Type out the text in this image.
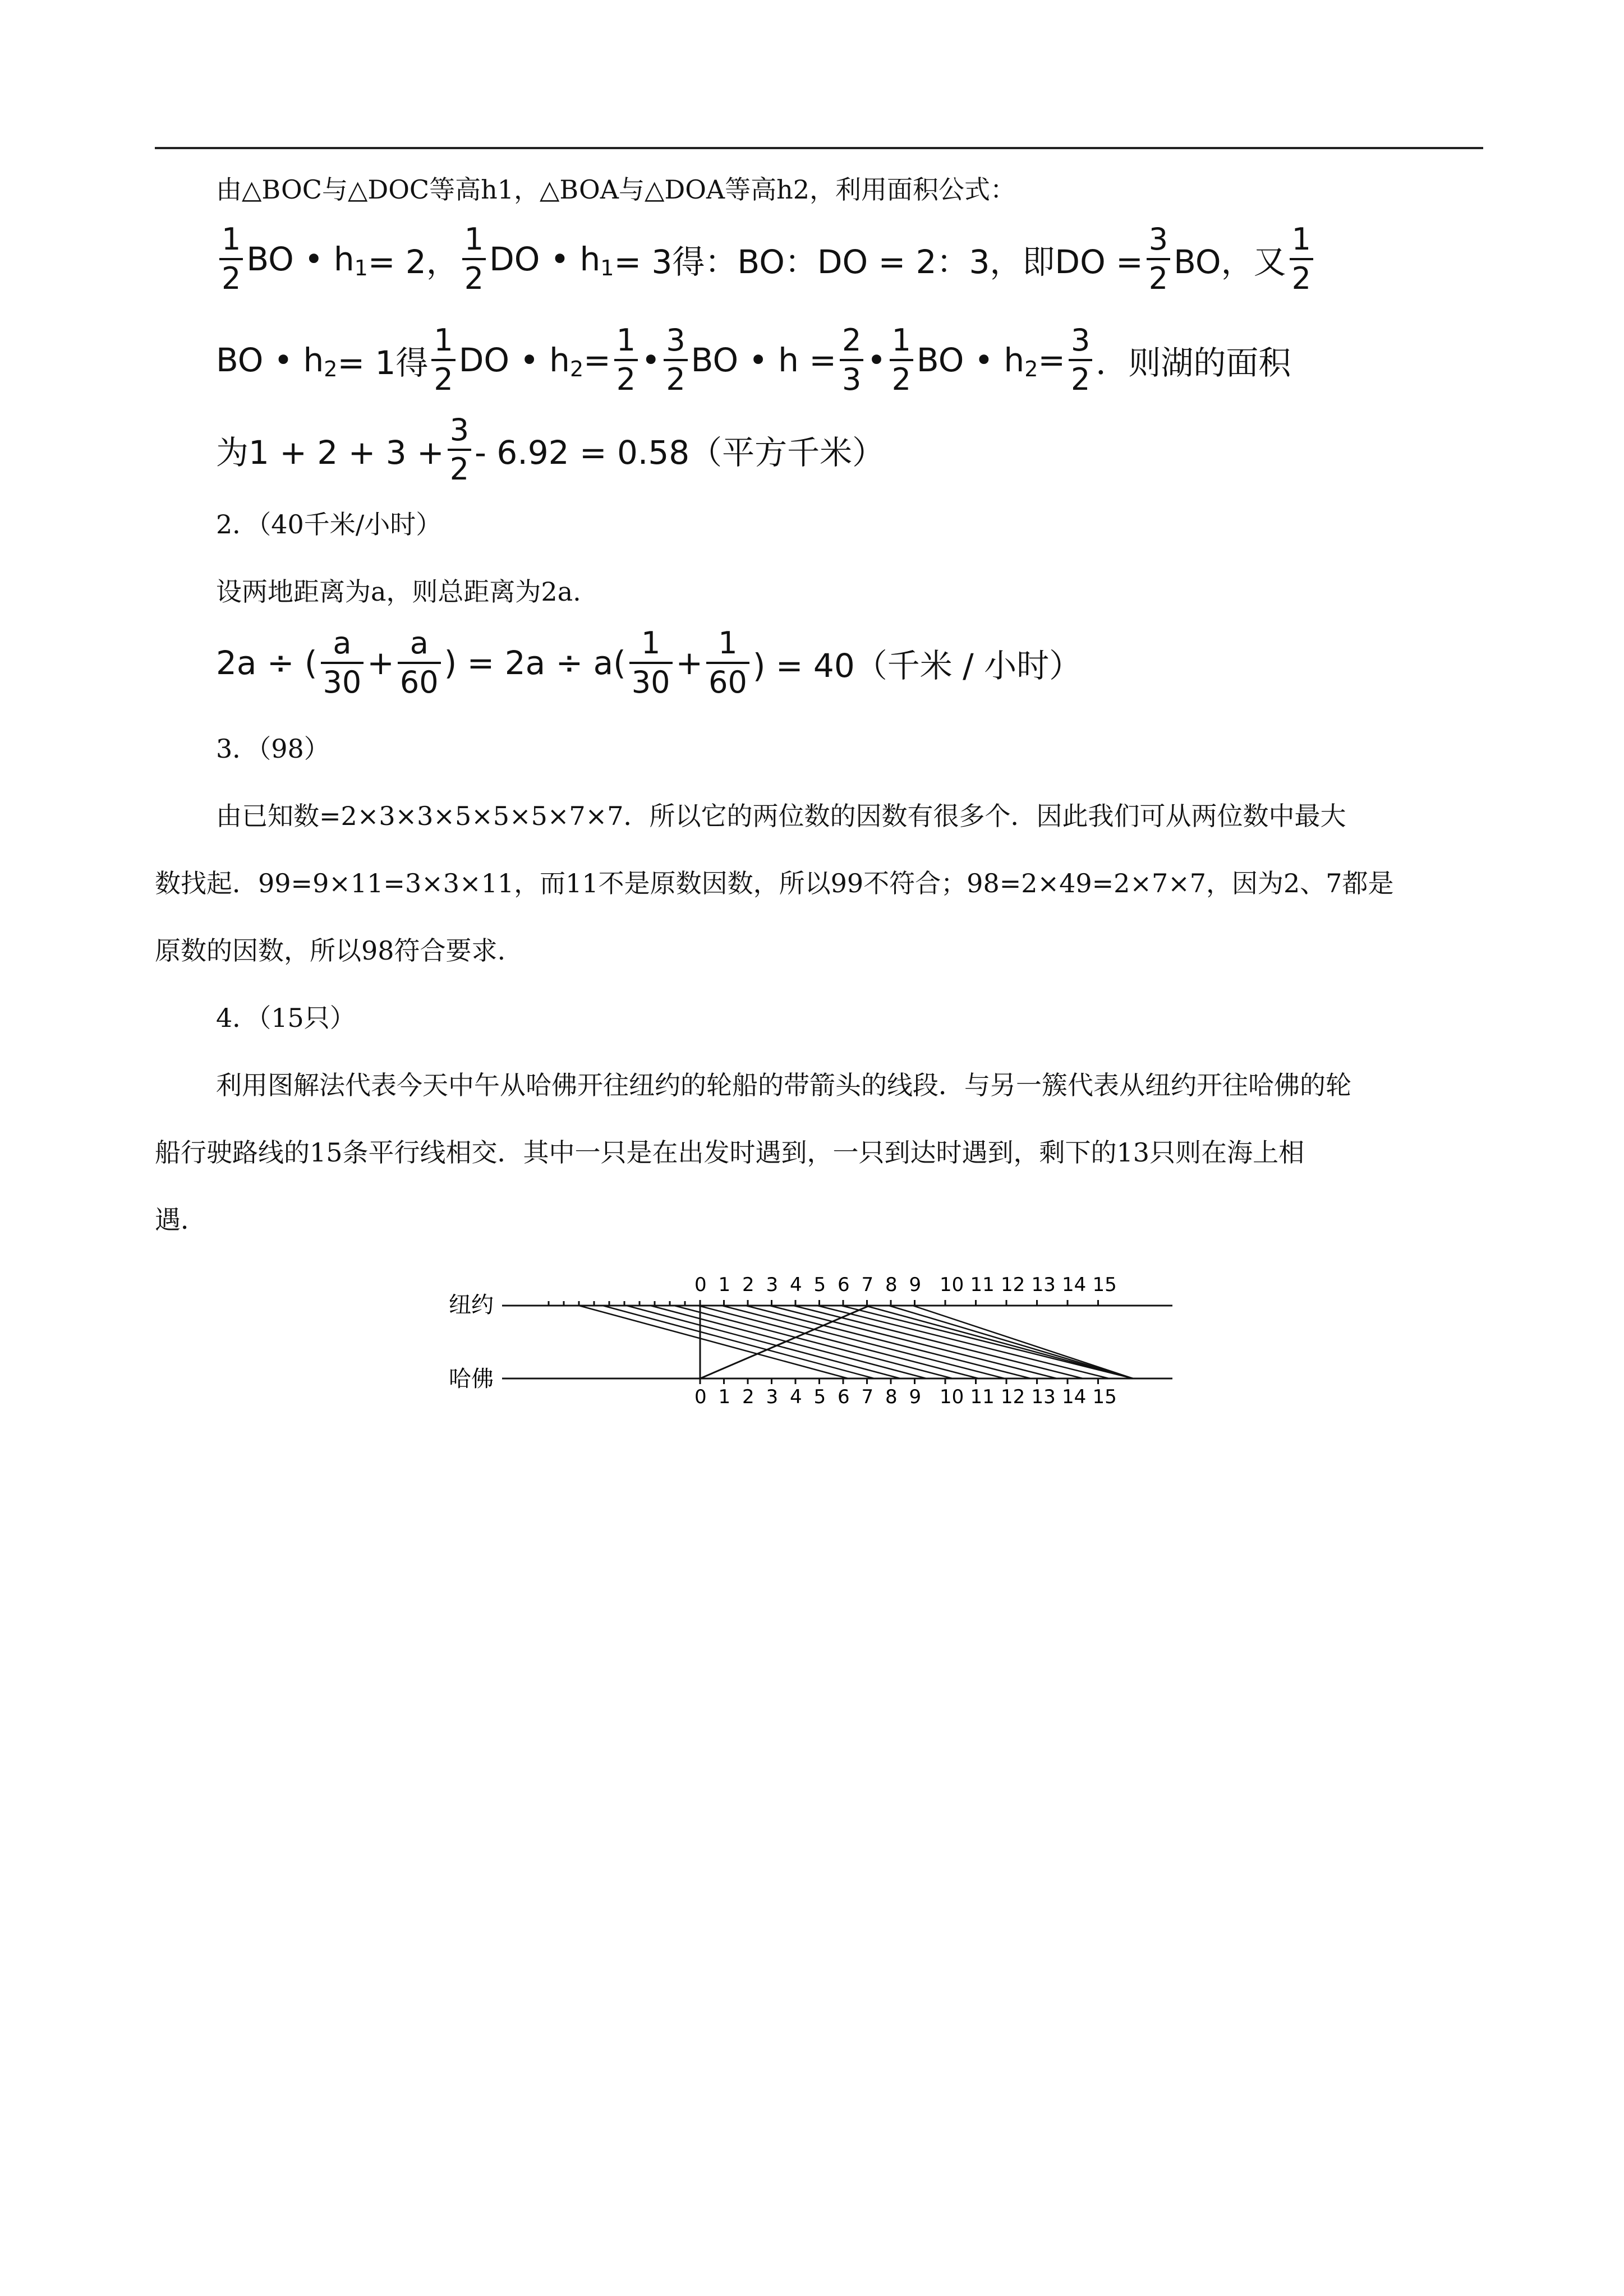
由△BOC与△DOC等高h1，△BOA与△DOA等高h2，利用面积公式：
$\frac{1}{2}$ BO • h 1 = 2， $\frac{1}{2}$ DO • h 1 = 3得：BO：DO = 2：3，即DO = $\frac{3}{2}$ BO，又 $\frac{1}{2}$
BO • h 2 = 1得 $\frac{1}{2}$ DO • h $2 = \frac{1}{2}$ • $\frac{3}{2}$ BO • $h = \frac{2}{3}$ • $\frac{1}{2}$ BO • h $2 = \frac{3}{2}$ ．则湖的面积
为$1 + 2 + 3 + \frac{3}{2} - 6.92 = 0.58$（平方千米）
2．（40千米/小时）
设两地距离为a，则总距离为2a.
2a ÷ ( $\frac{a}{30} + \frac{a}{60}$ ) = $2a \div a( \frac{1}{30} + \frac{1}{60}$ ) = 40（千米 / 小时）
3．（98）
由已知数=2×3×3×5×5×5×7×7．所以它的两位数的因数有很多个．因此我们可从两位数中最大
数找起．99=9×11=3×3×11，而11不是原数因数，所以99不符合；98=2×49=2×7×7，因为2、7都是
原数的因数，所以98符合要求.
4．（15只）
利用图解法代表今天中午从哈佛开往纽约的轮船的带箭头的线段．与另一簇代表从纽约开往哈佛的轮
船行驶路线的15条平行线相交．其中一只是在出发时遇到，一只到达时遇到，剩下的13只则在海上相
遇．
纽约
哈佛
0 1 2 3 4 5 6 7 8 9 10 11 12 13 14 15
0 1 2 3 4 5 6 7 8 9 10 11 12 13 14 15
